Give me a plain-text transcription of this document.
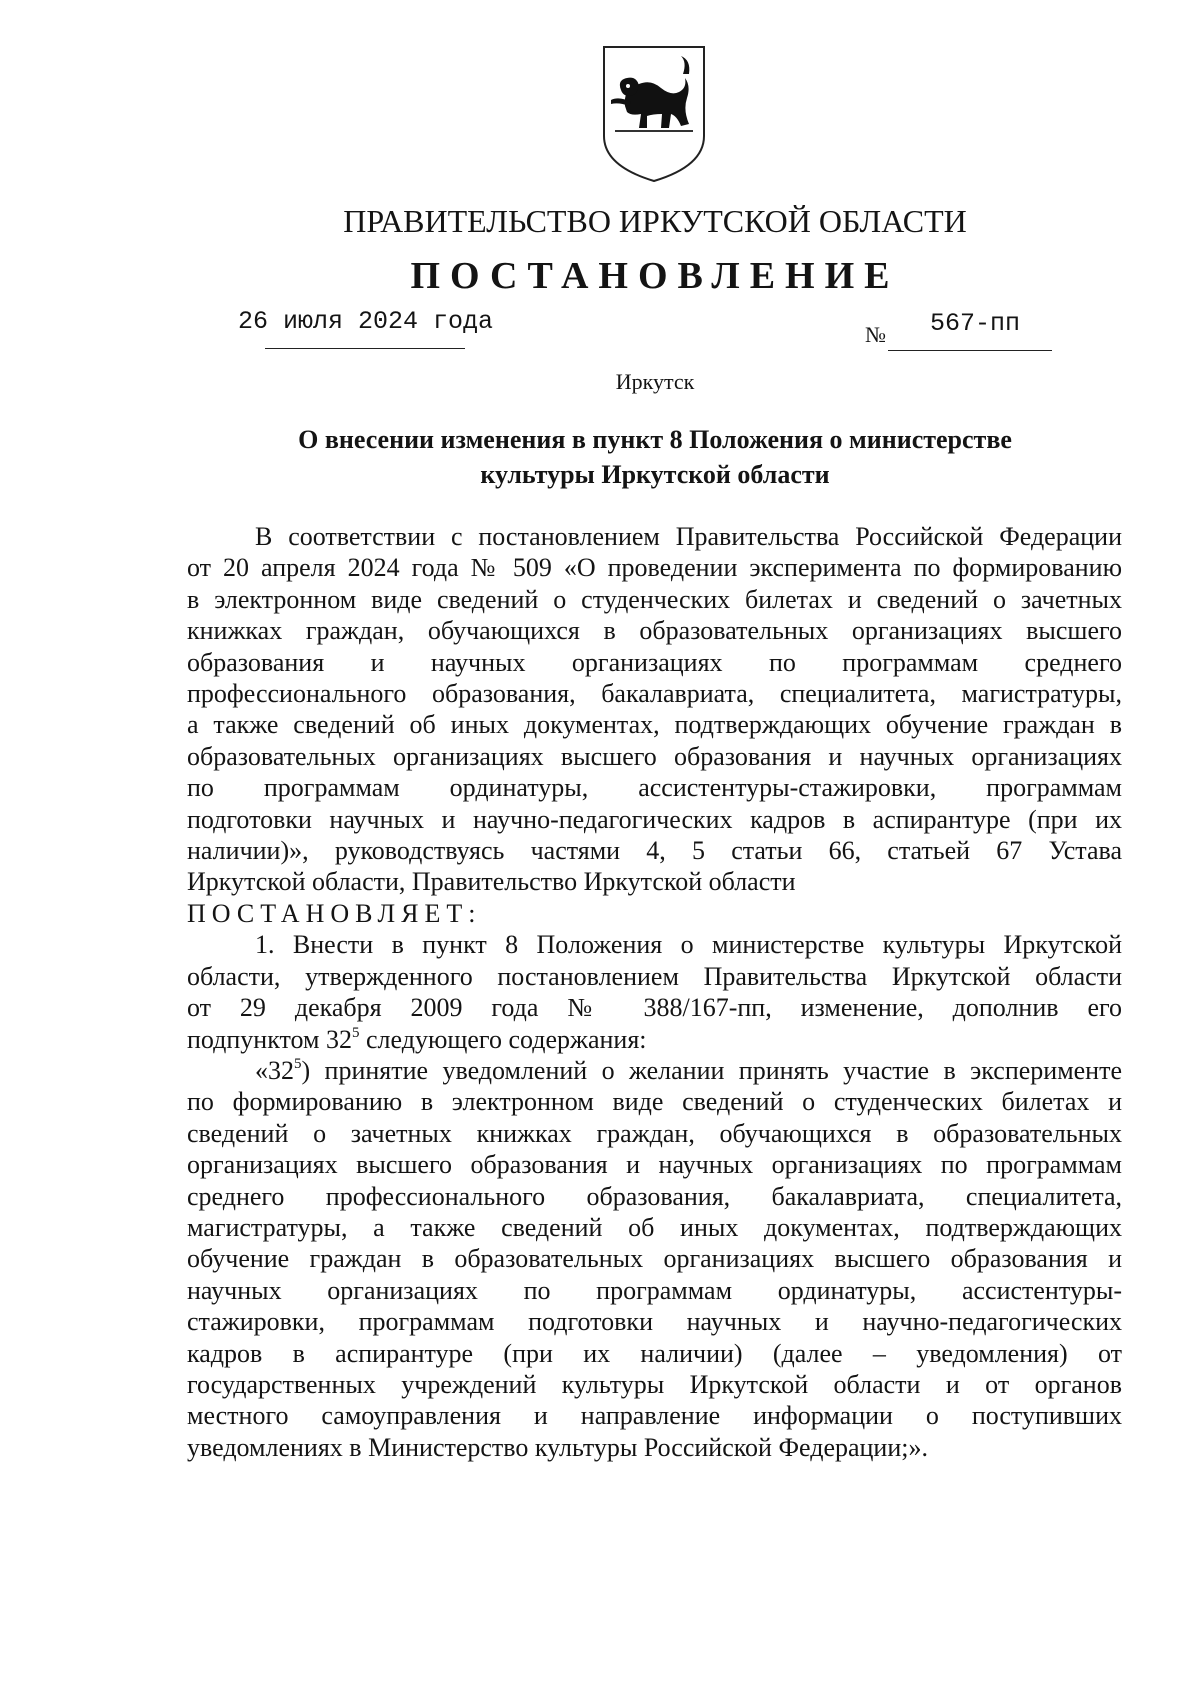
ПРАВИТЕЛЬСТВО ИРКУТСКОЙ ОБЛАСТИ
ПОСТАНОВЛЕНИЕ
26 июля 2024 года	№ 567-пп
Иркутск
О внесении изменения в пункт 8 Положения о министерстве
культуры Иркутской области

В соответствии с постановлением Правительства Российской Федерации
от 20 апреля 2024 года № 509 «О проведении эксперимента по формированию
в электронном виде сведений о студенческих билетах и сведений о зачетных
книжках граждан, обучающихся в образовательных организациях высшего
образования и научных организациях по программам среднего
профессионального образования, бакалавриата, специалитета, магистратуры,
а также сведений об иных документах, подтверждающих обучение граждан в
образовательных организациях высшего образования и научных организациях
по программам ординатуры, ассистентуры-стажировки, программам
подготовки научных и научно-педагогических кадров в аспирантуре (при их
наличии)», руководствуясь частями 4, 5 статьи 66, статьей 67 Устава
Иркутской области, Правительство Иркутской области
ПОСТАНОВЛЯЕТ:

1. Внести в пункт 8 Положения о министерстве культуры Иркутской
области, утвержденного постановлением Правительства Иркутской области
от 29 декабря 2009 года № 388/167-пп, изменение, дополнив его
подпунктом $32^5$ следующего содержания:

«$32^5$) принятие уведомлений о желании принять участие в эксперименте
по формированию в электронном виде сведений о студенческих билетах и
сведений о зачетных книжках граждан, обучающихся в образовательных
организациях высшего образования и научных организациях по программам
среднего профессионального образования, бакалавриата, специалитета,
магистратуры, а также сведений об иных документах, подтверждающих
обучение граждан в образовательных организациях высшего образования и
научных организациях по программам ординатуры, ассистентуры-
стажировки, программам подготовки научных и научно-педагогических
кадров в аспирантуре (при их наличии) (далее – уведомления) от
государственных учреждений культуры Иркутской области и от органов
местного самоуправления и направление информации о поступивших
уведомлениях в Министерство культуры Российской Федерации;».
